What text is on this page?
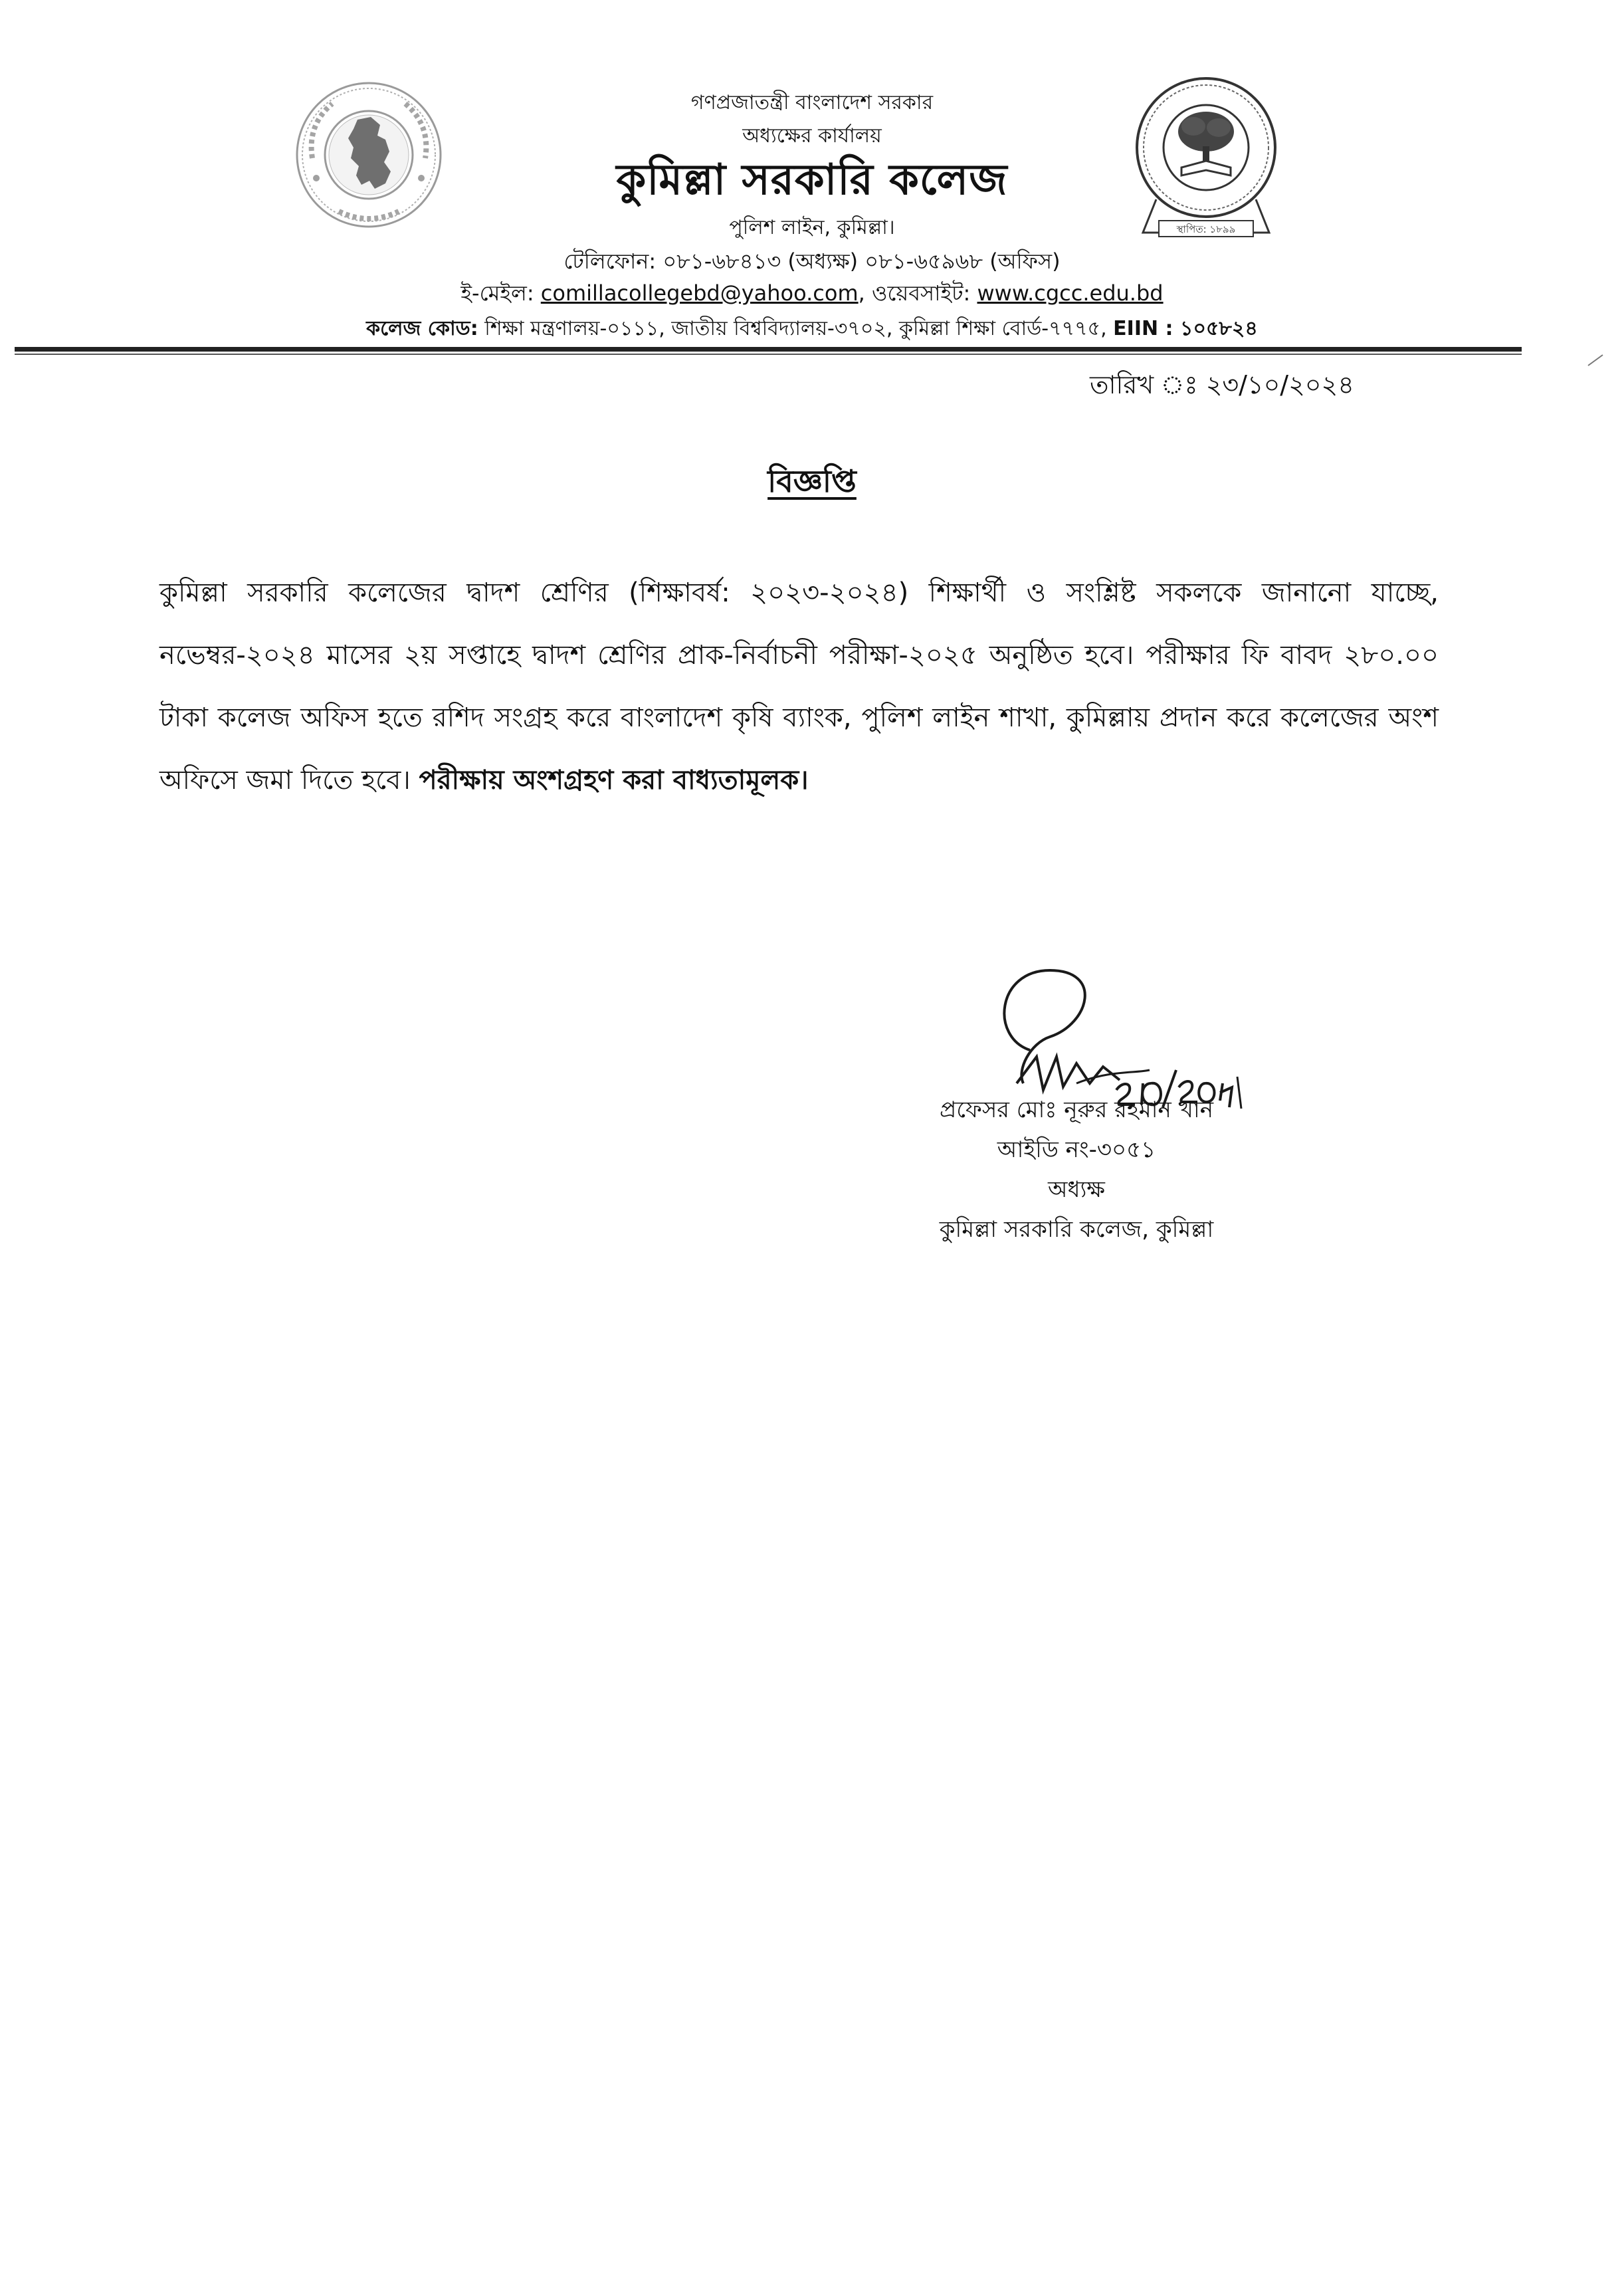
স্থাপিত: ১৮৯৯
গণপ্রজাতন্ত্রী বাংলাদেশ সরকার
অধ্যক্ষের কার্যালয়
কুমিল্লা সরকারি কলেজ
পুলিশ লাইন, কুমিল্লা।
টেলিফোন: ০৮১-৬৮৪১৩ (অধ্যক্ষ) ০৮১-৬৫৯৬৮ (অফিস)
ই-মেইল: comillacollegebd@yahoo.com, ওয়েবসাইট: www.cgcc.edu.bd
কলেজ কোড: শিক্ষা মন্ত্রণালয়-০১১১, জাতীয় বিশ্ববিদ্যালয়-৩৭০২, কুমিল্লা শিক্ষা বোর্ড-৭৭৭৫, EIIN : ১০৫৮২৪
তারিখ ঃ ২৩/১০/২০২৪
বিজ্ঞপ্তি
কুমিল্লা সরকারি কলেজের দ্বাদশ শ্রেণির (শিক্ষাবর্ষ: ২০২৩-২০২৪) শিক্ষার্থী ও সংশ্লিষ্ট সকলকে জানানো যাচ্ছে, নভেম্বর-২০২৪ মাসের ২য় সপ্তাহে দ্বাদশ শ্রেণির প্রাক-নির্বাচনী পরীক্ষা-২০২৫ অনুষ্ঠিত হবে। পরীক্ষার ফি বাবদ ২৮০.০০ টাকা কলেজ অফিস হতে রশিদ সংগ্রহ করে বাংলাদেশ কৃষি ব্যাংক, পুলিশ লাইন শাখা, কুমিল্লায় প্রদান করে কলেজের অংশ অফিসে জমা দিতে হবে। পরীক্ষায় অংশগ্রহণ করা বাধ্যতামূলক।
প্রফেসর মোঃ নূরুর রহমান খান
আইডি নং-৩০৫১
অধ্যক্ষ
কুমিল্লা সরকারি কলেজ, কুমিল্লা
